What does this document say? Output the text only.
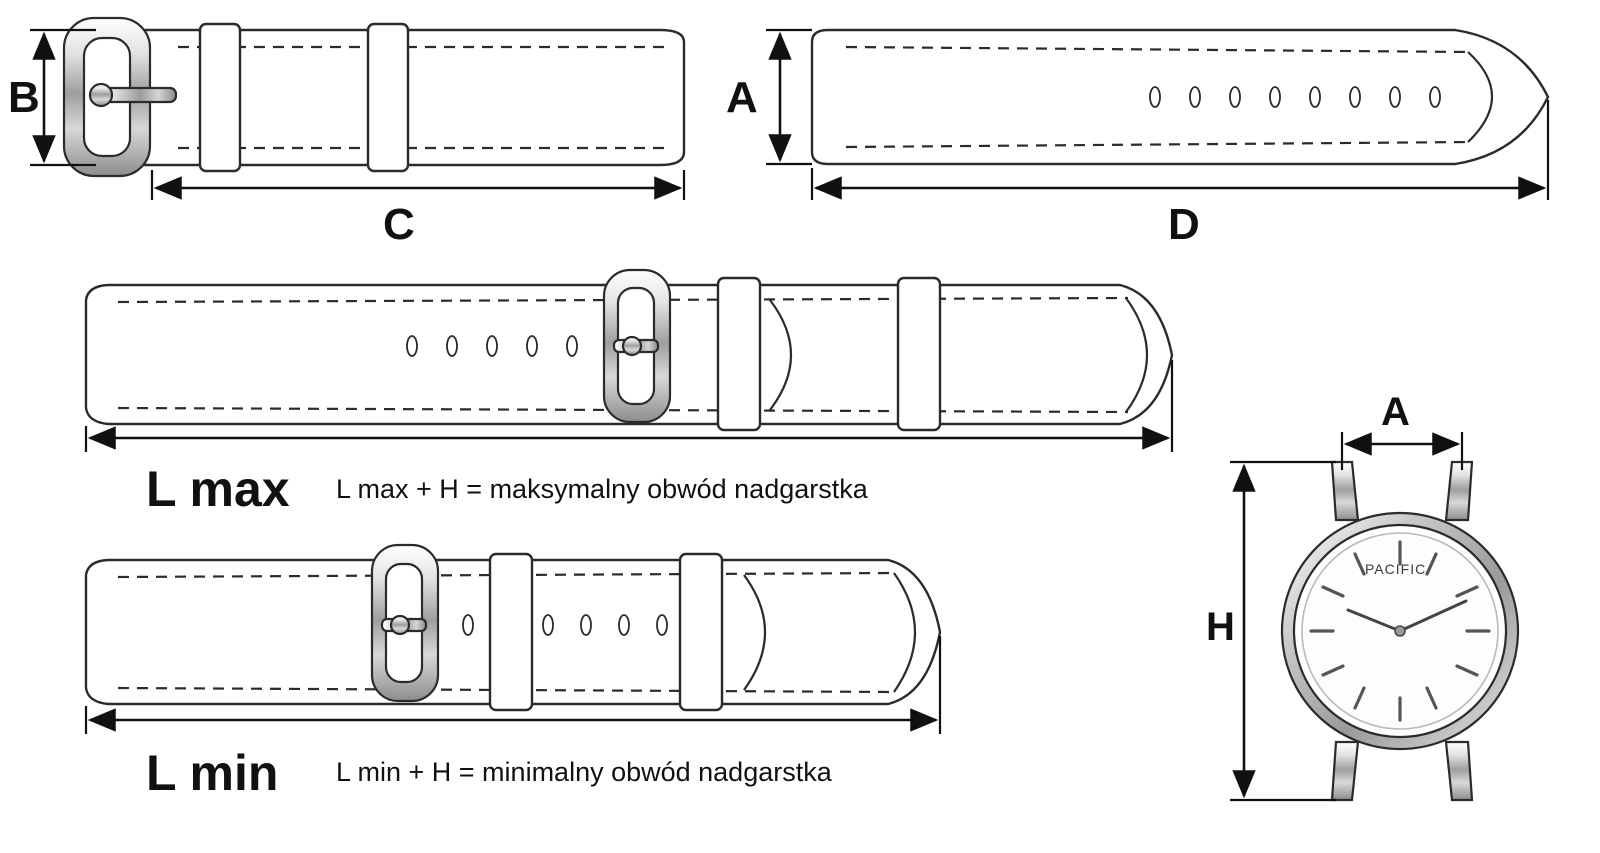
B
C
A
D
L max L max + H = maksymalny obwód nadgarstka
L min L min + H = minimalny obwód nadgarstka
A
H
PACIFIC
